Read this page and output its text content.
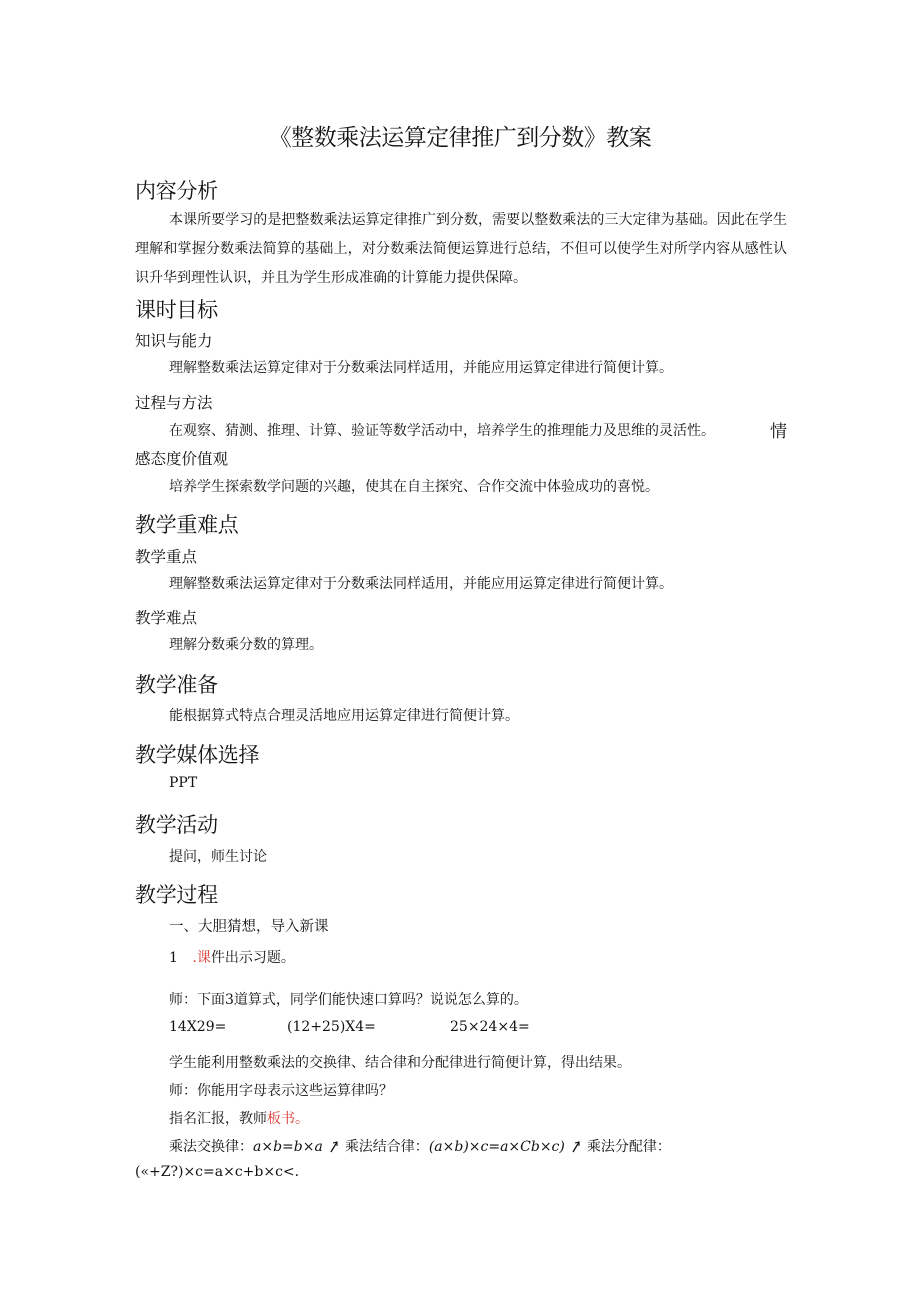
《整数乘法运算定律推广到分数》教案
内容分析
本课所要学习的是把整数乘法运算定律推广到分数，需要以整数乘法的三大定律为基础。因此在学生理解和掌握分数乘法简算的基础上，对分数乘法简便运算进行总结，不但可以使学生对所学内容从感性认识升华到理性认识，并且为学生形成准确的计算能力提供保障。
课时目标
知识与能力
理解整数乘法运算定律对于分数乘法同样适用，并能应用运算定律进行简便计算。
过程与方法
在观察、猜测、推理、计算、验证等数学活动中，培养学生的推理能力及思维的灵活性。	情
感态度价值观
培养学生探索数学问题的兴趣，使其在自主探究、合作交流中体验成功的喜悦。
教学重难点
教学重点
理解整数乘法运算定律对于分数乘法同样适用，并能应用运算定律进行简便计算。
教学难点
理解分数乘分数的算理。
教学准备
能根据算式特点合理灵活地应用运算定律进行简便计算。
教学媒体选择
PPT
教学活动
提问，师生讨论
教学过程
一、大胆猜想，导入新课
1 .课件出示习题。
师：下面3道算式，同学们能快速口算吗？说说怎么算的。
14X29=	(12+25)X4=	25×24×4=
学生能利用整数乘法的交换律、结合律和分配律进行简便计算，得出结果。
师：你能用字母表示这些运算律吗？
指名汇报，教师板书。
乘法交换律：a×b=b×a 乘法结合律：(a×b)×c=a×Cb×c) 乘法分配律：
(«+Z?)×c=a×c+b×c<.
